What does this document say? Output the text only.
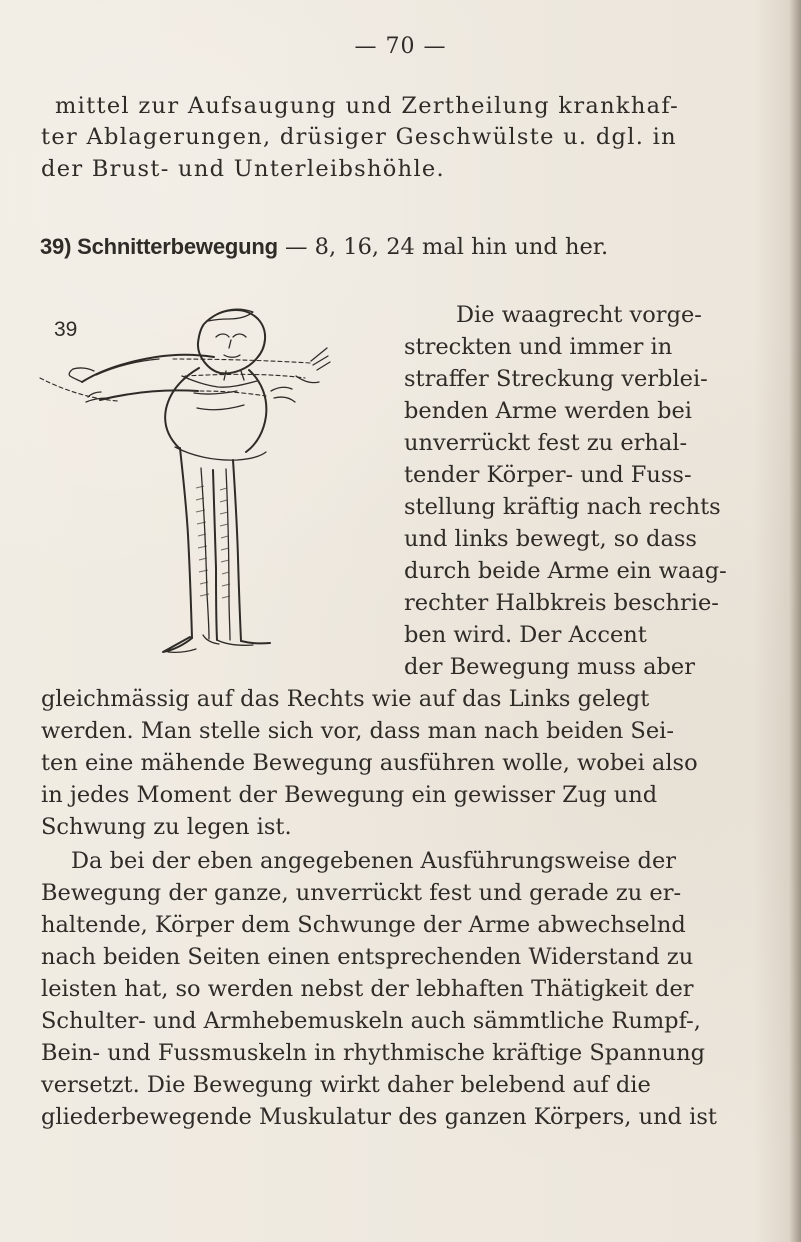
— 70 —
mittel zur Aufsaugung und Zertheilung krankhaf-
ter Ablagerungen, drüsiger Geschwülste u. dgl. in
der Brust- und Unterleibshöhle.
39) Schnitterbewegung — 8, 16, 24 mal hin und her.
39
Die waagrecht vorge-
streckten und immer in
straffer Streckung verblei-
benden Arme werden bei
unverrückt fest zu erhal-
tender Körper- und Fuss-
stellung kräftig nach rechts
und links bewegt, so dass
durch beide Arme ein waag-
rechter Halbkreis beschrie-
ben wird. Der Accent
der Bewegung muss aber
gleichmässig auf das Rechts wie auf das Links gelegt
werden. Man stelle sich vor, dass man nach beiden Sei-
ten eine mähende Bewegung ausführen wolle, wobei also
in jedes Moment der Bewegung ein gewisser Zug und
Schwung zu legen ist.
Da bei der eben angegebenen Ausführungsweise der
Bewegung der ganze, unverrückt fest und gerade zu er-
haltende, Körper dem Schwunge der Arme abwechselnd
nach beiden Seiten einen entsprechenden Widerstand zu
leisten hat, so werden nebst der lebhaften Thätigkeit der
Schulter- und Armhebemuskeln auch sämmtliche Rumpf-,
Bein- und Fussmuskeln in rhythmische kräftige Spannung
versetzt. Die Bewegung wirkt daher belebend auf die
gliederbewegende Muskulatur des ganzen Körpers, und ist
